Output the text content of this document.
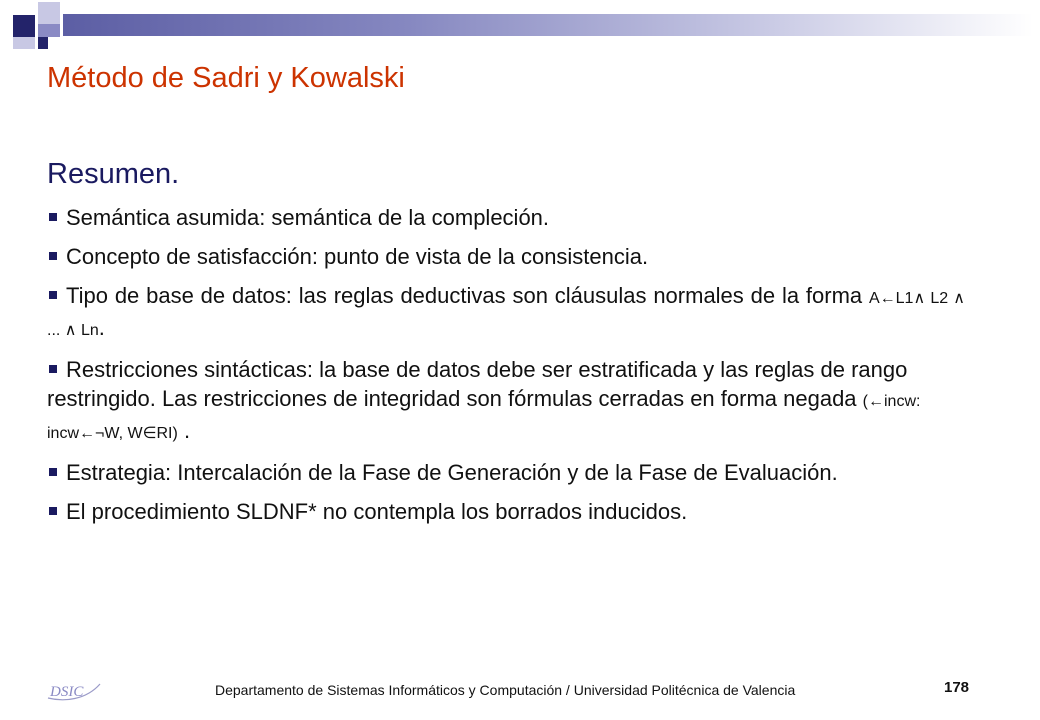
Método de Sadri y Kowalski
Resumen.
Semántica asumida: semántica de la compleción.
Concepto de satisfacción: punto de vista de la consistencia.
Tipo de base de datos: las reglas deductivas son cláusulas normales de la forma A←L1∧ L2 ∧ ... ∧ Ln.
Restricciones sintácticas: la base de datos debe ser estratificada y las reglas de rango restringido. Las restricciones de integridad son fórmulas cerradas en forma negada (←incw: incw←¬W, W∈RI) .
Estrategia: Intercalación de la Fase de Generación y de la Fase de Evaluación.
El procedimiento SLDNF* no contempla los borrados inducidos.
DSIC	Departamento de Sistemas Informáticos y Computación / Universidad Politécnica de Valencia	178
